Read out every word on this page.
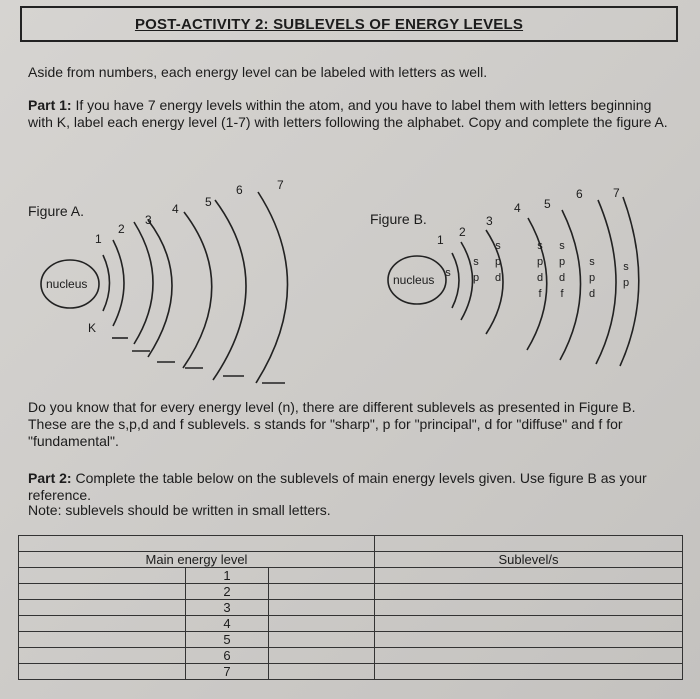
POST-ACTIVITY 2: SUBLEVELS OF ENERGY LEVELS
Aside from numbers, each energy level can be labeled with letters as well.
Part 1: If you have 7 energy levels within the atom, and you have to label them with letters beginning with K, label each energy level (1-7) with letters following the alphabet. Copy and complete the figure A.
nucleus
1
2
3
4 5
6	7
K
nucleus
1
2
3
4 5
6	7
s
s
p
s
p
d
s
p
d
f
s
p
d
f
s
p
d
s
p
Figure A.	Figure B.
Do you know that for every energy level (n), there are different sublevels as presented in Figure B. These are the s,p,d and f sublevels. s stands for "sharp", p for "principal", d for "diffuse" and f for "fundamental".
Part 2: Complete the table below on the sublevels of main energy levels given. Use figure B as your reference.
Note: sublevels should be written in small letters.

Main energy level	Sublevel/s

1	

2	

3	

4	

5	

6	

7	
